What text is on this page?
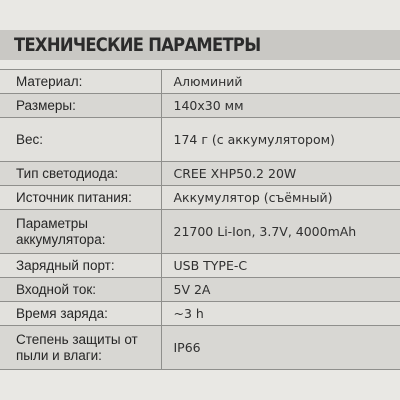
ТЕХНИЧЕСКИЕ ПАРАМЕТРЫ
Материал:	Алюминий
Размеры:	140x30 мм
Вес:	174 г (с аккумулятором)
Тип светодиода:	CREE XHP50.2 20W
Источник питания:	Аккумулятор (съёмный)
Параметры аккумулятора:	21700 Li-Ion, 3.7V, 4000mAh
Зарядный порт:	USB TYPE-C
Входной ток:	5V 2A
Время заряда:	~3 h
Степень защиты от пыли и влаги:	IP66
